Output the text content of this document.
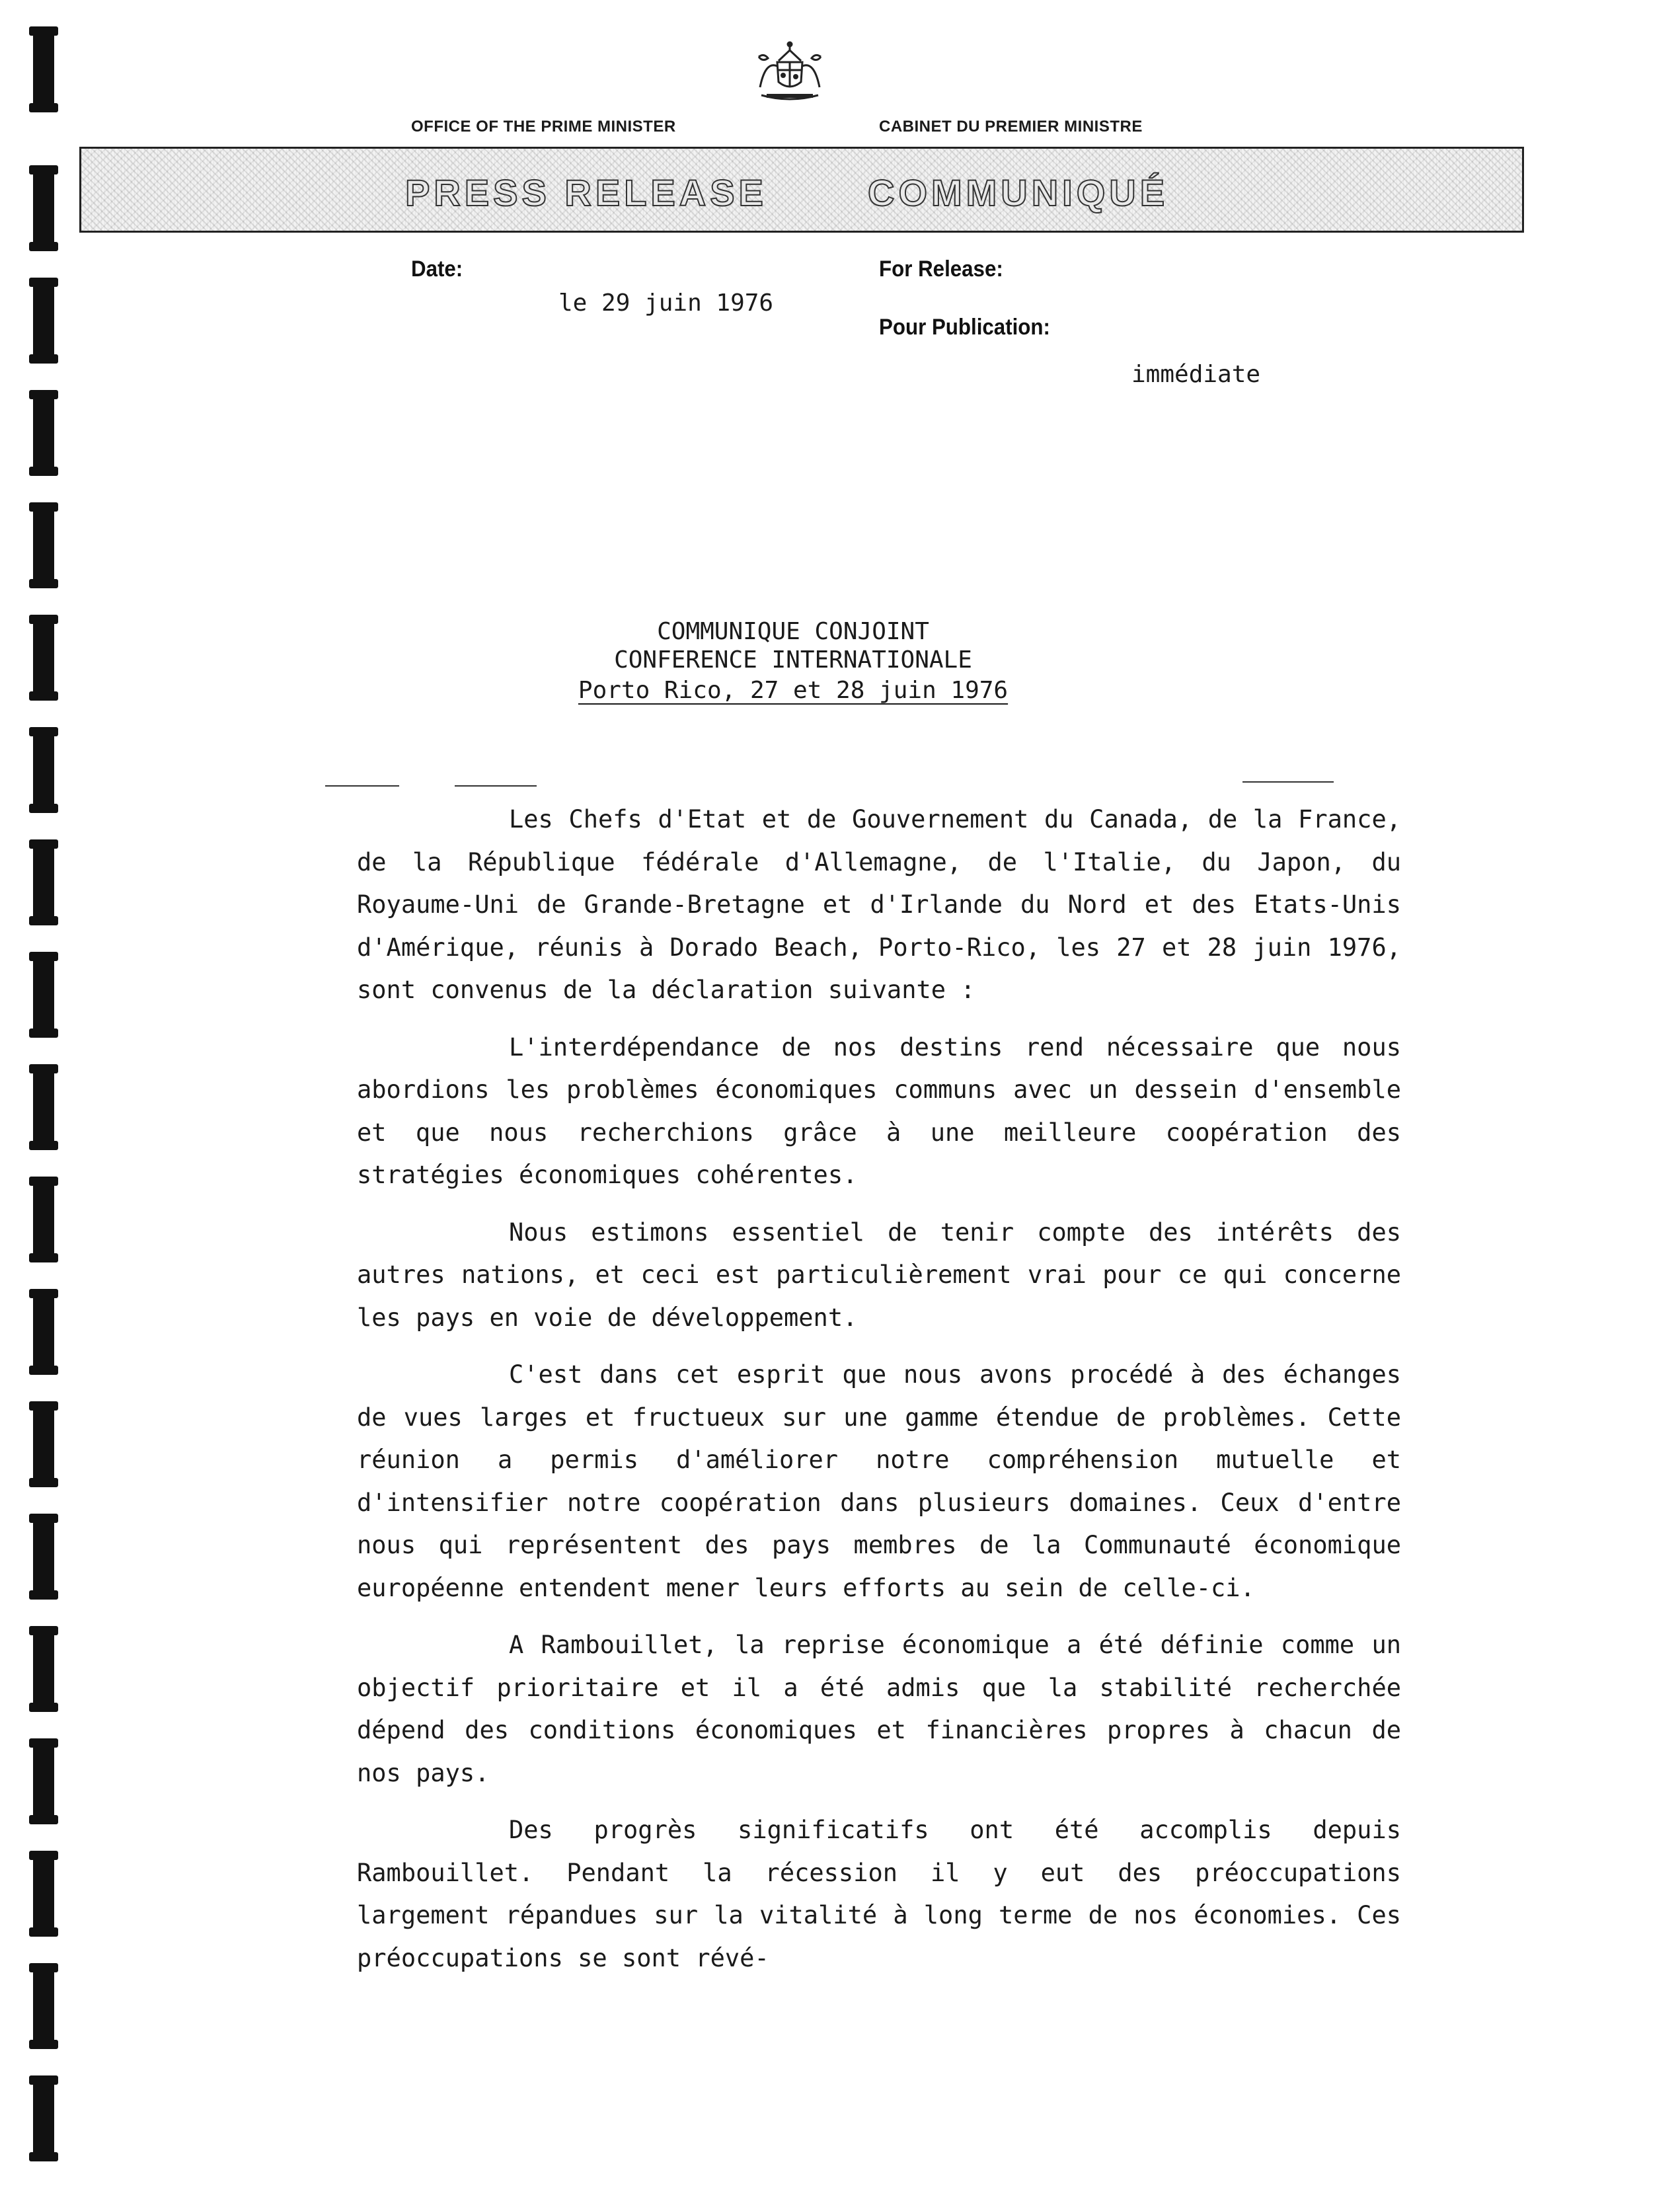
OFFICE OF THE PRIME MINISTER	CABINET DU PREMIER MINISTRE
PRESS RELEASE	COMMUNIQUÉ
Date:
le 29 juin 1976
For Release:
Pour Publication:
immédiate
COMMUNIQUE CONJOINT
CONFERENCE INTERNATIONALE
Porto Rico, 27 et 28 juin 1976

Les Chefs d'Etat et de Gouvernement du Canada, de la France, de la République fédérale d'Allemagne, de l'Italie, du Japon, du Royaume-Uni de Grande-Bretagne et d'Irlande du Nord et des Etats-Unis d'Amérique, réunis à Dorado Beach, Porto-Rico, les 27 et 28 juin 1976, sont convenus de la déclaration suivante :

L'interdépendance de nos destins rend nécessaire que nous abordions les problèmes économiques communs avec un dessein d'ensemble et que nous recherchions grâce à une meilleure coopération des stratégies économiques cohérentes.

Nous estimons essentiel de tenir compte des intérêts des autres nations, et ceci est particulièrement vrai pour ce qui concerne les pays en voie de développement.

C'est dans cet esprit que nous avons procédé à des échanges de vues larges et fructueux sur une gamme étendue de problèmes. Cette réunion a permis d'améliorer notre compréhension mutuelle et d'intensifier notre coopération dans plusieurs domaines. Ceux d'entre nous qui représentent des pays membres de la Communauté économique européenne entendent mener leurs efforts au sein de celle-ci.

A Rambouillet, la reprise économique a été définie comme un objectif prioritaire et il a été admis que la stabilité recherchée dépend des conditions économiques et financières propres à chacun de nos pays.

Des progrès significatifs ont été accomplis depuis Rambouillet. Pendant la récession il y eut des préoccupations largement répandues sur la vitalité à long terme de nos économies. Ces préoccupations se sont révé-
